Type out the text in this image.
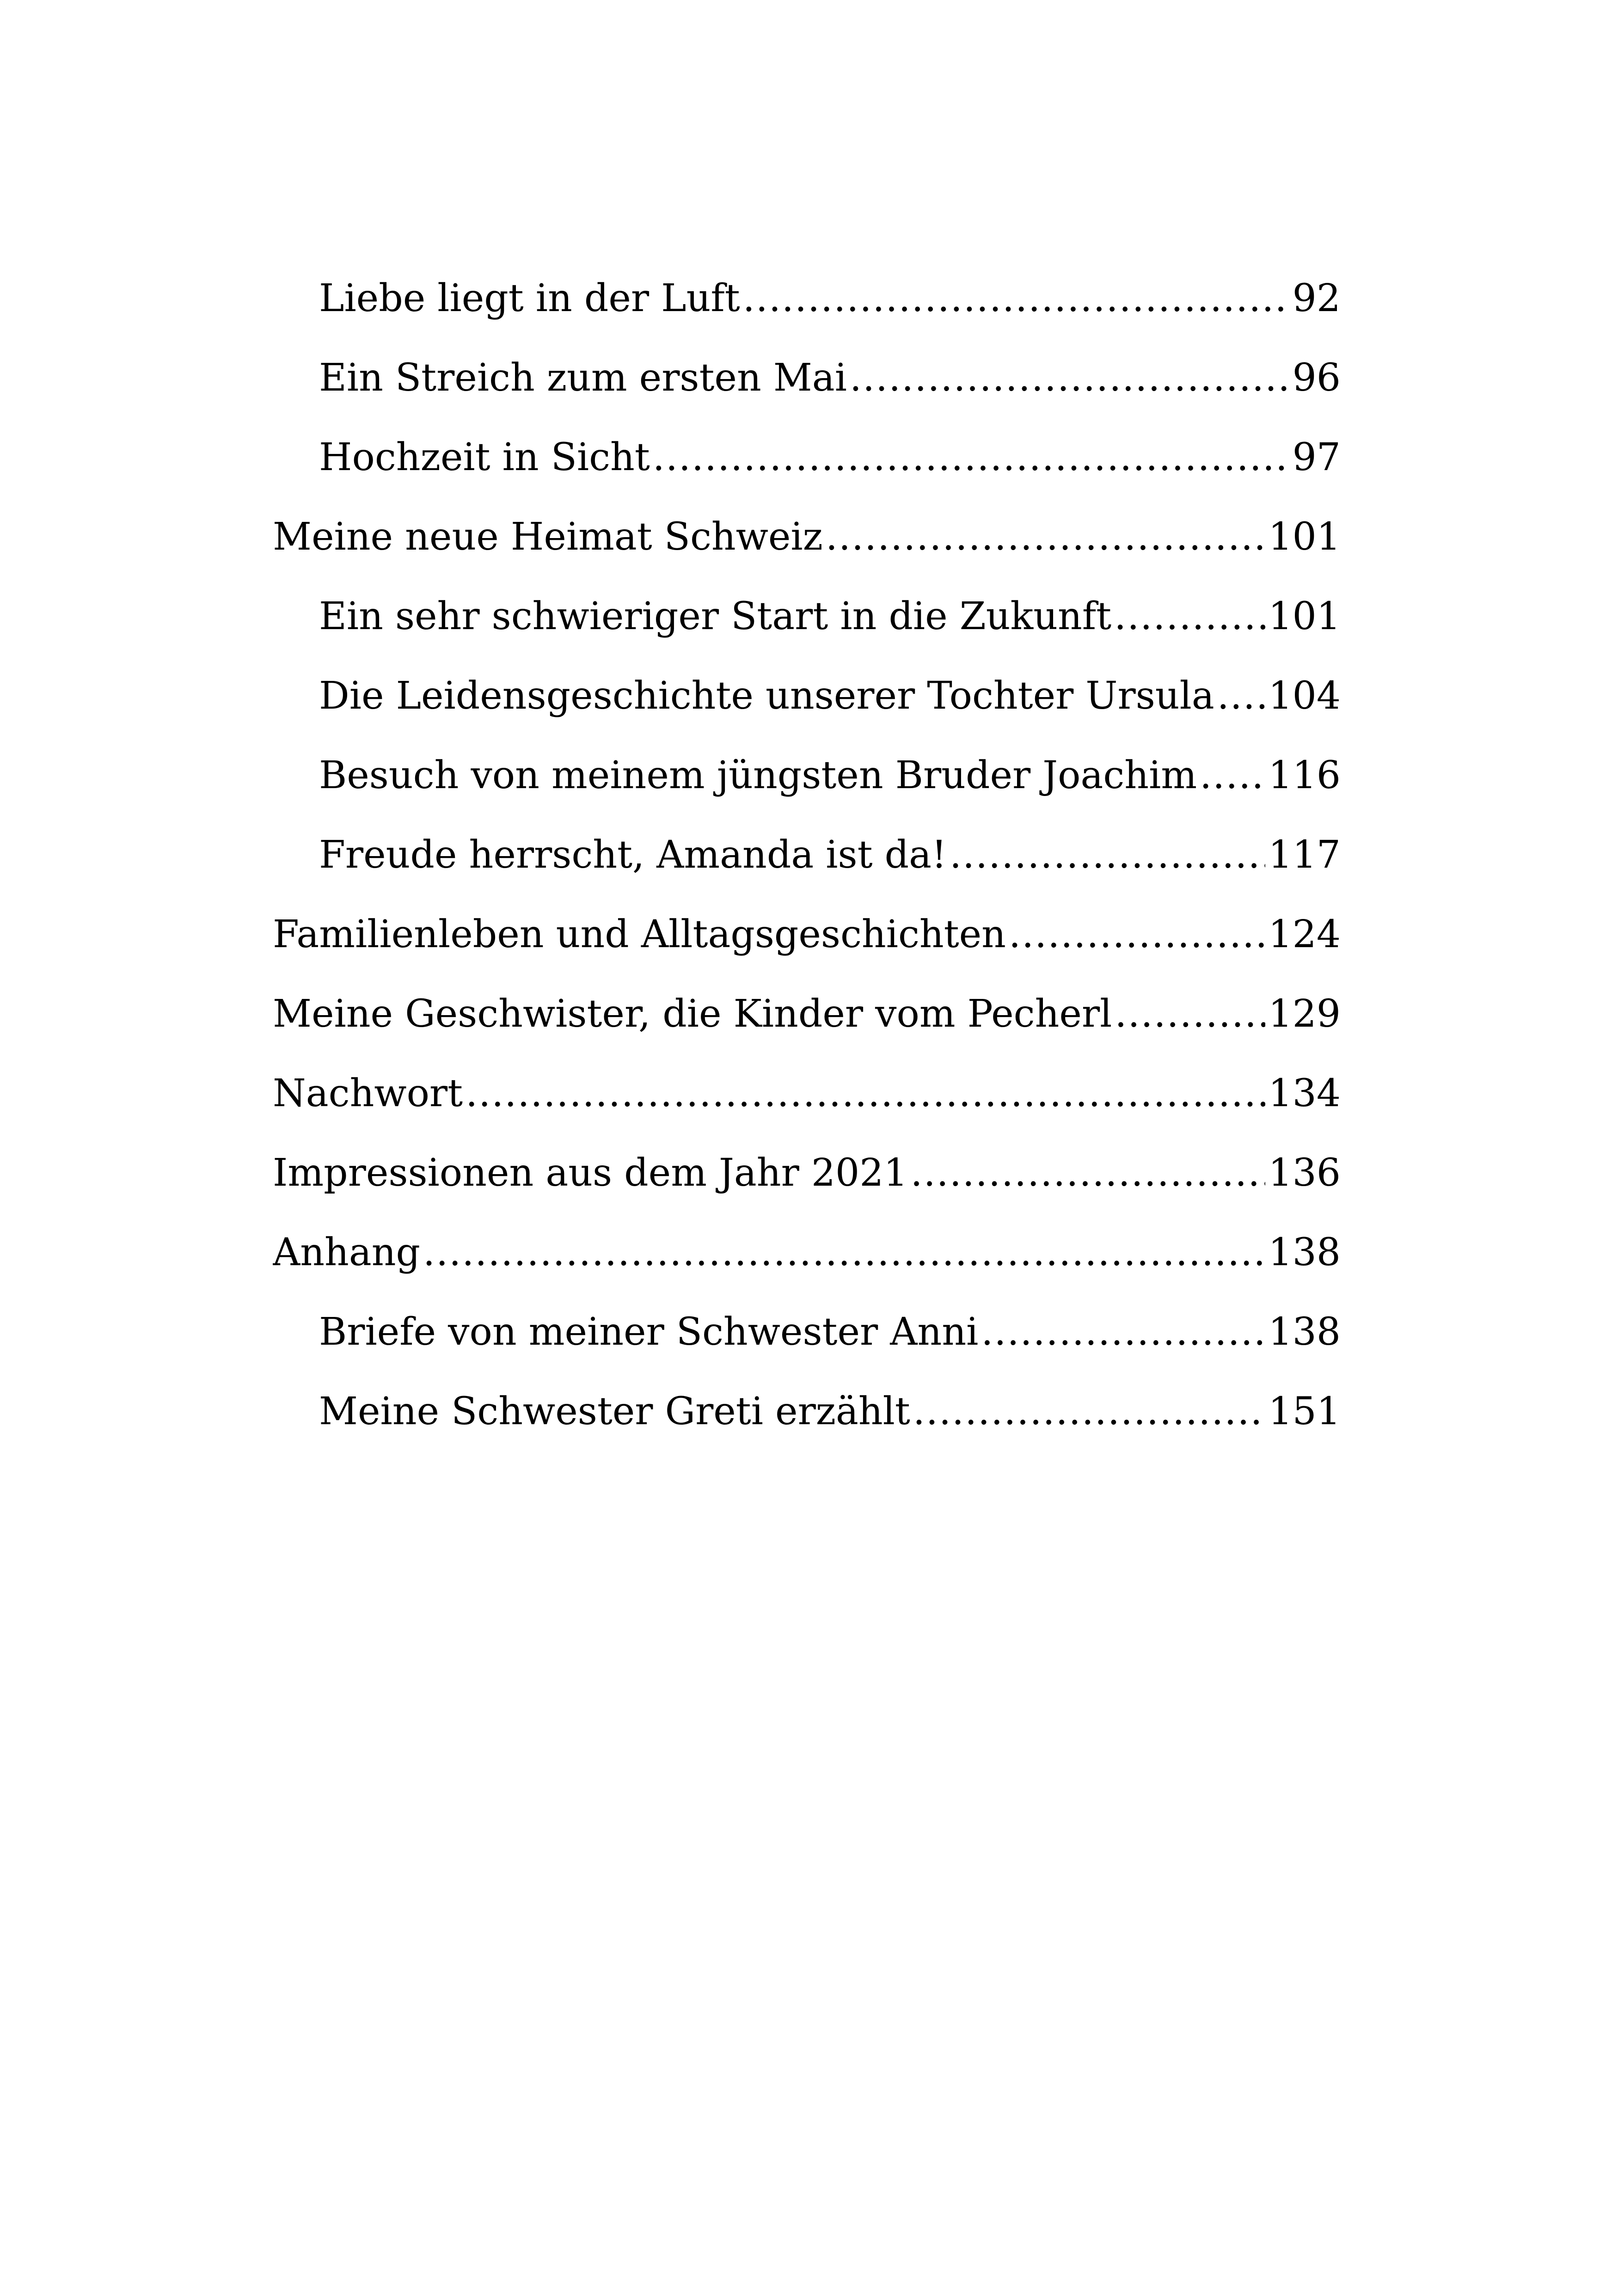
Liebe liegt in der Luft .....	92
Ein Streich zum ersten Mai .....	96
Hochzeit in Sicht .....	97
Meine neue Heimat Schweiz .....	101
Ein sehr schwieriger Start in die Zukunft .....	101
Die Leidensgeschichte unserer Tochter Ursula ..... 104
Besuch von meinem jüngsten Bruder Joachim ..... 116
Freude herrscht, Amanda ist da! .....	117
Familienleben und Alltagsgeschichten .....	124
Meine Geschwister, die Kinder vom Pecherl .....	129
Nachwort .....	134
Impressionen aus dem Jahr 2021 .....	136
Anhang .....	138
Briefe von meiner Schwester Anni .....	138
Meine Schwester Greti erzählt .....	151
